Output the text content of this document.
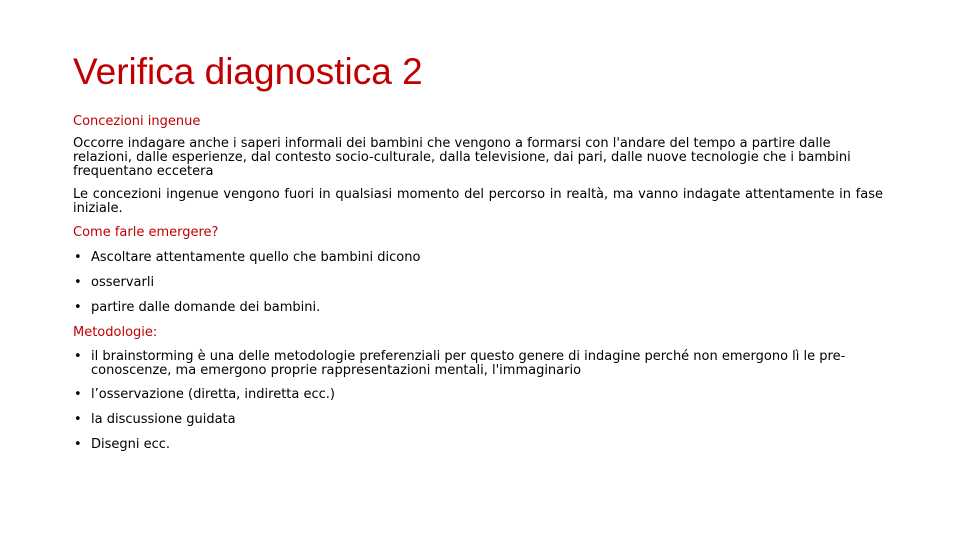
Verifica diagnostica 2

Concezioni ingenue

Occorre indagare anche i saperi informali dei bambini che vengono a formarsi con l'andare del tempo a partire dalle relazioni, dalle esperienze, dal contesto socio-culturale, dalla televisione, dai pari, dalle nuove tecnologie che i bambini frequentano eccetera

Le concezioni ingenue vengono fuori in qualsiasi momento del percorso in realtà, ma vanno indagate attentamente in fase iniziale.

Come farle emergere?

• Ascoltare attentamente quello che bambini dicono
• osservarli
• partire dalle domande dei bambini.

Metodologie:

• il brainstorming è una delle metodologie preferenziali per questo genere di indagine perché non emergono lì le pre-conoscenze, ma emergono proprie rappresentazioni mentali, l'immaginario
• l’osservazione (diretta, indiretta ecc.)
• la discussione guidata
• Disegni ecc.
